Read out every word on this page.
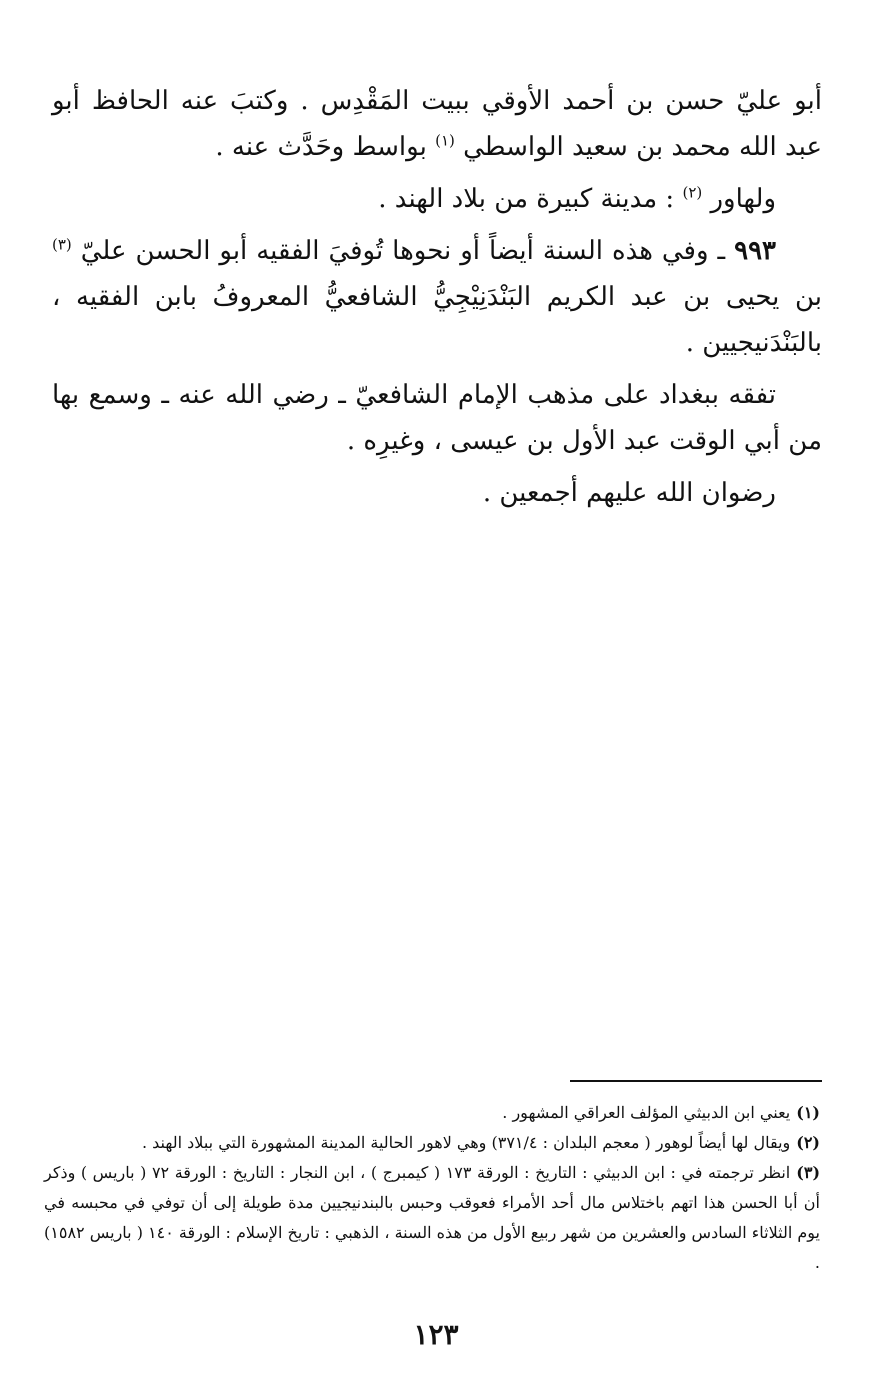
أبو عليّ حسن بن أحمد الأوقي ببيت المَقْدِس . وكتبَ عنه الحافظ أبو عبد الله محمد بن سعيد الواسطي $^{(١)}$ بواسط وحَدَّث عنه .

ولهاور $^{(٢)}$ : مدينة كبيرة من بلاد الهند .

٩٩٣ ـ وفي هذه السنة أيضاً أو نحوها تُوفيَ الفقيه أبو الحسن عليّ $^{(٣)}$ بن يحيى بن عبد الكريم البَنْدَنِيْجِيُّ الشافعيُّ المعروفُ بابن الفقيه ، بالبَنْدَنيجيين .

تفقه ببغداد على مذهب الإمام الشافعيّ ـ رضي الله عنه ـ وسمع بها من أبي الوقت عبد الأول بن عيسى ، وغيرِه .

رضوان الله عليهم أجمعين .

(١)يعني ابن الدبيثي المؤلف العراقي المشهور .

(٢)ويقال لها أيضاً لوهور ( معجم البلدان : ٣٧١/٤) وهي لاهور الحالية المدينة المشهورة التي ببلاد الهند .

(٣)انظر ترجمته في : ابن الدبيثي : التاريخ : الورقة ١٧٣ ( كيمبرج ) ، ابن النجار : التاريخ : الورقة ٧٢ ( باريس ) وذكر أن أبا الحسن هذا اتهم باختلاس مال أحد الأمراء فعوقب وحبس بالبندنيجيين مدة طويلة إلى أن توفي في محبسه في يوم الثلاثاء السادس والعشرين من شهر ربيع الأول من هذه السنة ، الذهبي : تاريخ الإسلام : الورقة ١٤٠ ( باريس ١٥٨٢) .

١٢٣
